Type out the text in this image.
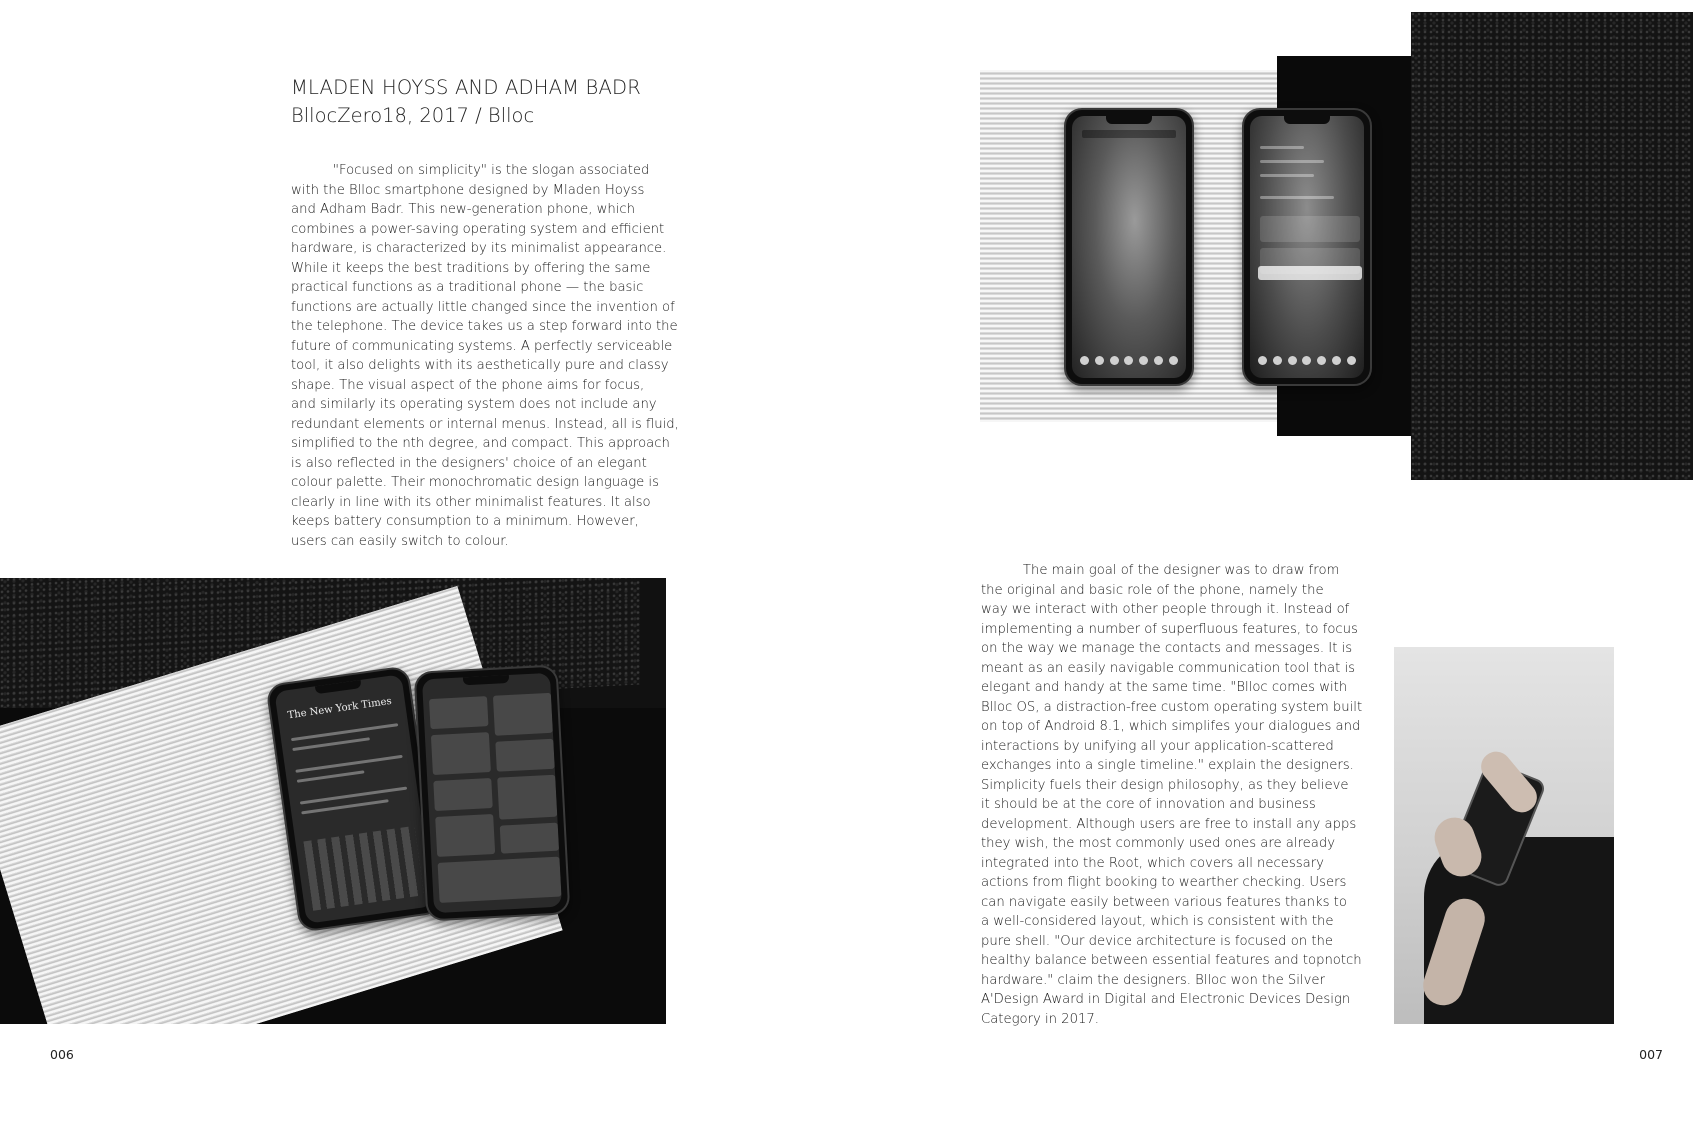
MLADEN HOYSS AND ADHAM BADR
BllocZero18, 2017 / Blloc

"Focused on simplicity" is the slogan associated
with the Blloc smartphone designed by Mladen Hoyss
and Adham Badr. This new-generation phone, which
combines a power-saving operating system and efficient
hardware, is characterized by its minimalist appearance.
While it keeps the best traditions by offering the same
practical functions as a traditional phone — the basic
functions are actually little changed since the invention of
the telephone. The device takes us a step forward into the
future of communicating systems. A perfectly serviceable
tool, it also delights with its aesthetically pure and classy
shape. The visual aspect of the phone aims for focus,
and similarly its operating system does not include any
redundant elements or internal menus. Instead, all is fluid,
simplified to the nth degree, and compact. This approach
is also reflected in the designers' choice of an elegant
colour palette. Their monochromatic design language is
clearly in line with its other minimalist features. It also
keeps battery consumption to a minimum. However,
users can easily switch to colour.

The New York Times
006

The main goal of the designer was to draw from
the original and basic role of the phone, namely the
way we interact with other people through it. Instead of
implementing a number of superfluous features, to focus
on the way we manage the contacts and messages. It is
meant as an easily navigable communication tool that is
elegant and handy at the same time. "Blloc comes with
Blloc OS, a distraction-free custom operating system built
on top of Android 8.1, which simplifes your dialogues and
interactions by unifying all your application-scattered
exchanges into a single timeline." explain the designers.
Simplicity fuels their design philosophy, as they believe
it should be at the core of innovation and business
development. Although users are free to install any apps
they wish, the most commonly used ones are already
integrated into the Root, which covers all necessary
actions from flight booking to wearther checking. Users
can navigate easily between various features thanks to
a well-considered layout, which is consistent with the
pure shell. "Our device architecture is focused on the
healthy balance between essential features and topnotch
hardware." claim the designers. Blloc won the Silver
A'Design Award in Digital and Electronic Devices Design
Category in 2017.

007
